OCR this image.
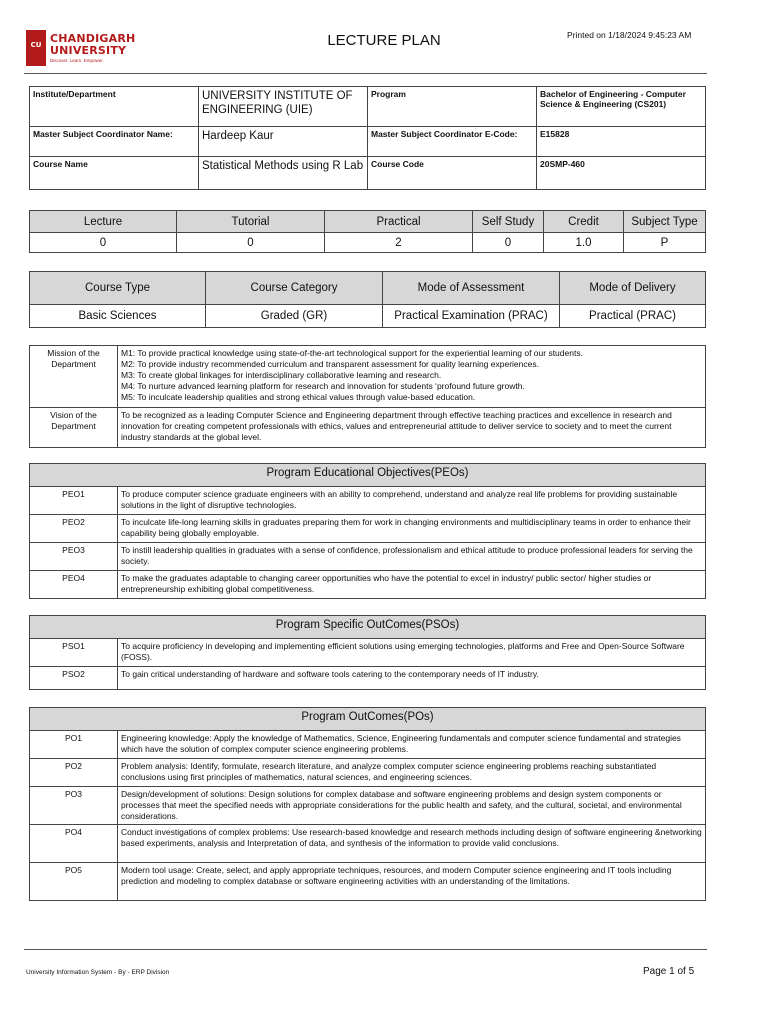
CU CHANDIGARH
UNIVERSITY
Discover. Learn. Empower.
LECTURE PLAN	Printed on 1/18/2024 9:45:23 AM
Institute/Department	UNIVERSITY INSTITUTE OF ENGINEERING (UIE)	Program	Bachelor of Engineering - Computer Science & Engineering (CS201)
Master Subject Coordinator Name:	Hardeep Kaur	Master Subject Coordinator E-Code:	E15828
Course Name	Statistical Methods using R Lab	Course Code	20SMP-460
Lecture	Tutorial	Practical	Self Study	Credit	Subject Type
0	0	2	0	1.0	P
Course Type	Course Category	Mode of Assessment	Mode of Delivery
Basic Sciences	Graded (GR)	Practical Examination (PRAC)	Practical (PRAC)
Mission of the Department	M1: To provide practical knowledge using state-of-the-art technological support for the experiential learning of our students.
M2: To provide industry recommended curriculum and transparent assessment for quality learning experiences.
M3: To create global linkages for interdisciplinary collaborative learning and research.
M4: To nurture advanced learning platform for research and innovation for students ‘profound future growth.
M5: To inculcate leadership qualities and strong ethical values through value-based education.

Vision of the Department	To be recognized as a leading Computer Science and Engineering department through effective teaching practices and excellence in research and innovation for creating competent professionals with ethics, values and entrepreneurial attitude to deliver service to society and to meet the current industry standards at the global level.
Program Educational Objectives(PEOs)	
PEO1	To produce computer science graduate engineers with an ability to comprehend, understand and analyze real life problems for providing sustainable solutions in the light of disruptive technologies.
PEO2	To inculcate life-long learning skills in graduates preparing them for work in changing environments and multidisciplinary teams in order to enhance their capability being globally employable.
PEO3	To instill leadership qualities in graduates with a sense of confidence, professionalism and ethical attitude to produce professional leaders for serving the society.
PEO4	To make the graduates adaptable to changing career opportunities who have the potential to excel in industry/ public sector/ higher studies or entrepreneurship exhibiting global competitiveness.
Program Specific OutComes(PSOs)	
PSO1	To acquire proficiency in developing and implementing efficient solutions using emerging technologies, platforms and Free and Open-Source Software (FOSS).
PSO2	To gain critical understanding of hardware and software tools catering to the contemporary needs of IT industry.
Program OutComes(POs)	
PO1	Engineering knowledge: Apply the knowledge of Mathematics, Science, Engineering fundamentals and computer science fundamental and strategies which have the solution of complex computer science engineering problems.
PO2	Problem analysis: Identify, formulate, research literature, and analyze complex computer science engineering problems reaching substantiated conclusions using first principles of mathematics, natural sciences, and engineering sciences.
PO3	Design/development of solutions: Design solutions for complex database and software engineering problems and design system components or processes that meet the specified needs with appropriate considerations for the public health and safety, and the cultural, societal, and environmental considerations.
PO4	Conduct investigations of complex problems: Use research-based knowledge and research methods including design of software engineering &networking based experiments, analysis and Interpretation of data, and synthesis of the information to provide valid conclusions.
PO5	Modern tool usage: Create, select, and apply appropriate techniques, resources, and modern Computer science engineering and IT tools including prediction and modeling to complex database or software engineering activities with an understanding of the limitations.
University Information System - By - ERP Division	Page 1 of 5
